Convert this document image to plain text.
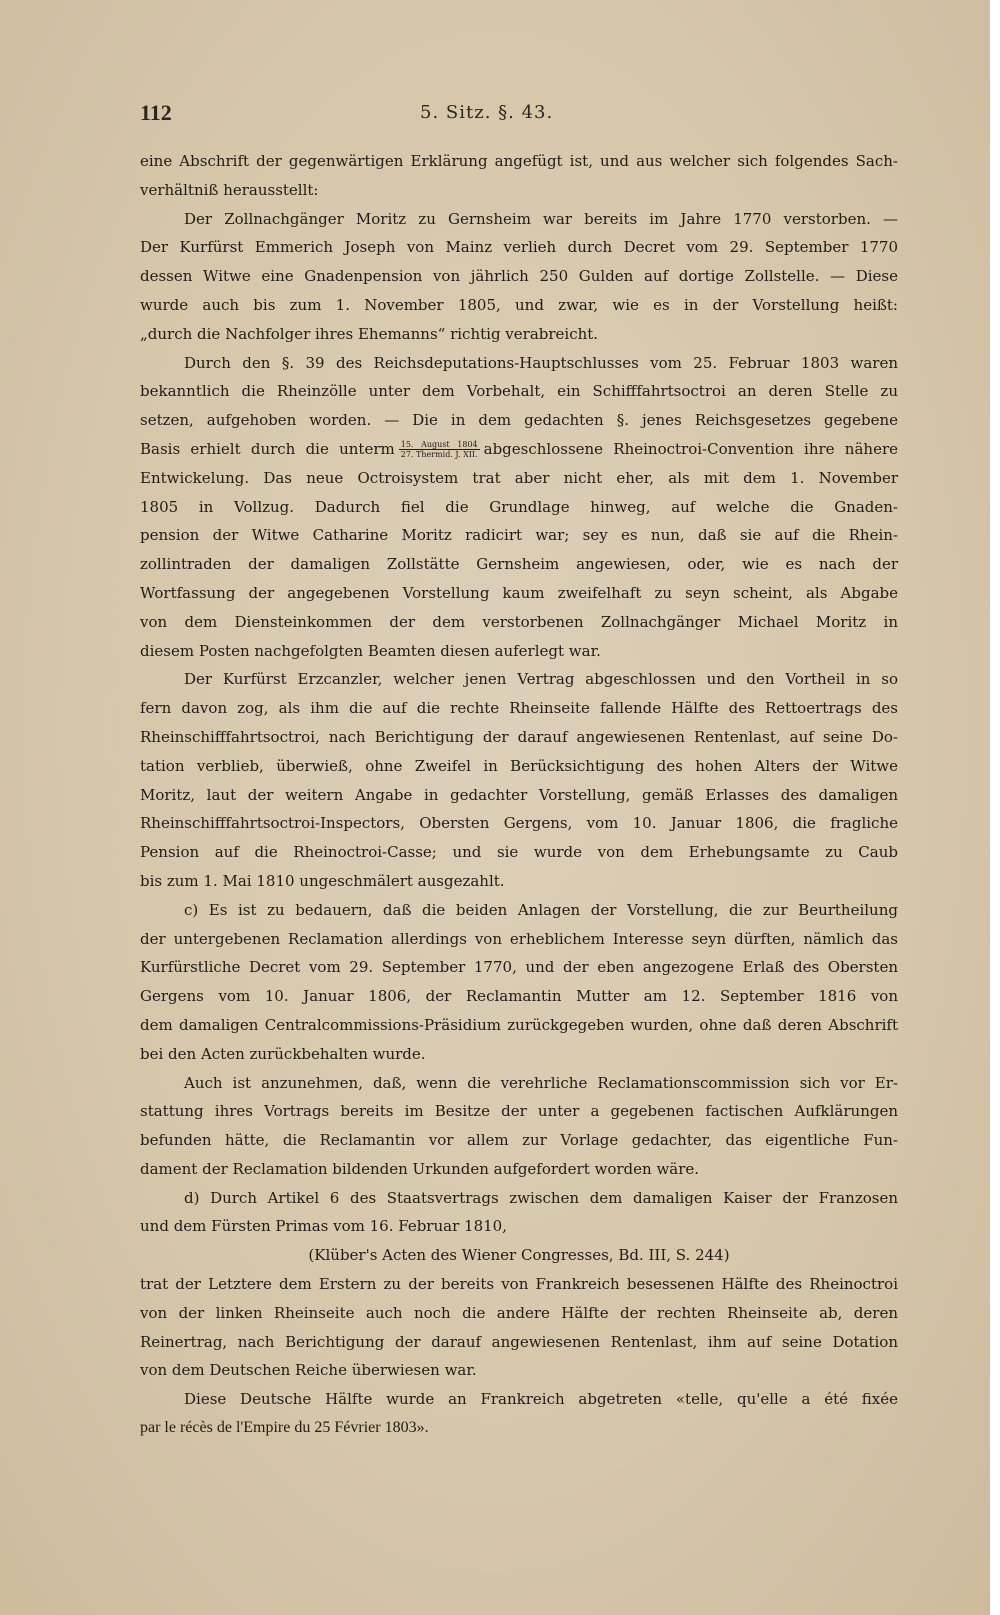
112	5. Sitz. §. 43.
eine Abschrift der gegenwärtigen Erklärung angefügt ist, und aus welcher sich folgendes Sach-
verhältniß herausstellt:
Der Zollnachgänger Moritz zu Gernsheim war bereits im Jahre 1770 verstorben. —
Der Kurfürst Emmerich Joseph von Mainz verlieh durch Decret vom 29. September 1770
dessen Witwe eine Gnadenpension von jährlich 250 Gulden auf dortige Zollstelle. — Diese
wurde auch bis zum 1. November 1805, und zwar, wie es in der Vorstellung heißt:
„durch die Nachfolger ihres Ehemanns“ richtig verabreicht.
Durch den §. 39 des Reichsdeputations-Hauptschlusses vom 25. Februar 1803 waren
bekanntlich die Rheinzölle unter dem Vorbehalt, ein Schifffahrtsoctroi an deren Stelle zu
setzen, aufgehoben worden. — Die in dem gedachten §. jenes Reichsgesetzes gegebene
Basis erhielt durch die unterm $\frac{\text{15. August 1804}}{\text{27. Thermid. J. XII.}}$ abgeschlossene Rheinoctroi-Convention ihre nähere
Entwickelung. Das neue Octroisystem trat aber nicht eher, als mit dem 1. November
1805 in Vollzug. Dadurch fiel die Grundlage hinweg, auf welche die Gnaden-
pension der Witwe Catharine Moritz radicirt war; sey es nun, daß sie auf die Rhein-
zollintraden der damaligen Zollstätte Gernsheim angewiesen, oder, wie es nach der
Wortfassung der angegebenen Vorstellung kaum zweifelhaft zu seyn scheint, als Abgabe
von dem Diensteinkommen der dem verstorbenen Zollnachgänger Michael Moritz in
diesem Posten nachgefolgten Beamten diesen auferlegt war.
Der Kurfürst Erzcanzler, welcher jenen Vertrag abgeschlossen und den Vortheil in so
fern davon zog, als ihm die auf die rechte Rheinseite fallende Hälfte des Rettoertrags des
Rheinschifffahrtsoctroi, nach Berichtigung der darauf angewiesenen Rentenlast, auf seine Do-
tation verblieb, überwieß, ohne Zweifel in Berücksichtigung des hohen Alters der Witwe
Moritz, laut der weitern Angabe in gedachter Vorstellung, gemäß Erlasses des damaligen
Rheinschifffahrtsoctroi-Inspectors, Obersten Gergens, vom 10. Januar 1806, die fragliche
Pension auf die Rheinoctroi-Casse; und sie wurde von dem Erhebungsamte zu Caub
bis zum 1. Mai 1810 ungeschmälert ausgezahlt.
c) Es ist zu bedauern, daß die beiden Anlagen der Vorstellung, die zur Beurtheilung
der untergebenen Reclamation allerdings von erheblichem Interesse seyn dürften, nämlich das
Kurfürstliche Decret vom 29. September 1770, und der eben angezogene Erlaß des Obersten
Gergens vom 10. Januar 1806, der Reclamantin Mutter am 12. September 1816 von
dem damaligen Centralcommissions-Präsidium zurückgegeben wurden, ohne daß deren Abschrift
bei den Acten zurückbehalten wurde.
Auch ist anzunehmen, daß, wenn die verehrliche Reclamationscommission sich vor Er-
stattung ihres Vortrags bereits im Besitze der unter a gegebenen factischen Aufklärungen
befunden hätte, die Reclamantin vor allem zur Vorlage gedachter, das eigentliche Fun-
dament der Reclamation bildenden Urkunden aufgefordert worden wäre.
d) Durch Artikel 6 des Staatsvertrags zwischen dem damaligen Kaiser der Franzosen
und dem Fürsten Primas vom 16. Februar 1810,
(Klüber's Acten des Wiener Congresses, Bd. III, S. 244)
trat der Letztere dem Erstern zu der bereits von Frankreich besessenen Hälfte des Rheinoctroi
von der linken Rheinseite auch noch die andere Hälfte der rechten Rheinseite ab, deren
Reinertrag, nach Berichtigung der darauf angewiesenen Rentenlast, ihm auf seine Dotation
von dem Deutschen Reiche überwiesen war.
Diese Deutsche Hälfte wurde an Frankreich abgetreten «telle, qu'elle a été fixée
par le récès de l'Empire du 25 Février 1803».
